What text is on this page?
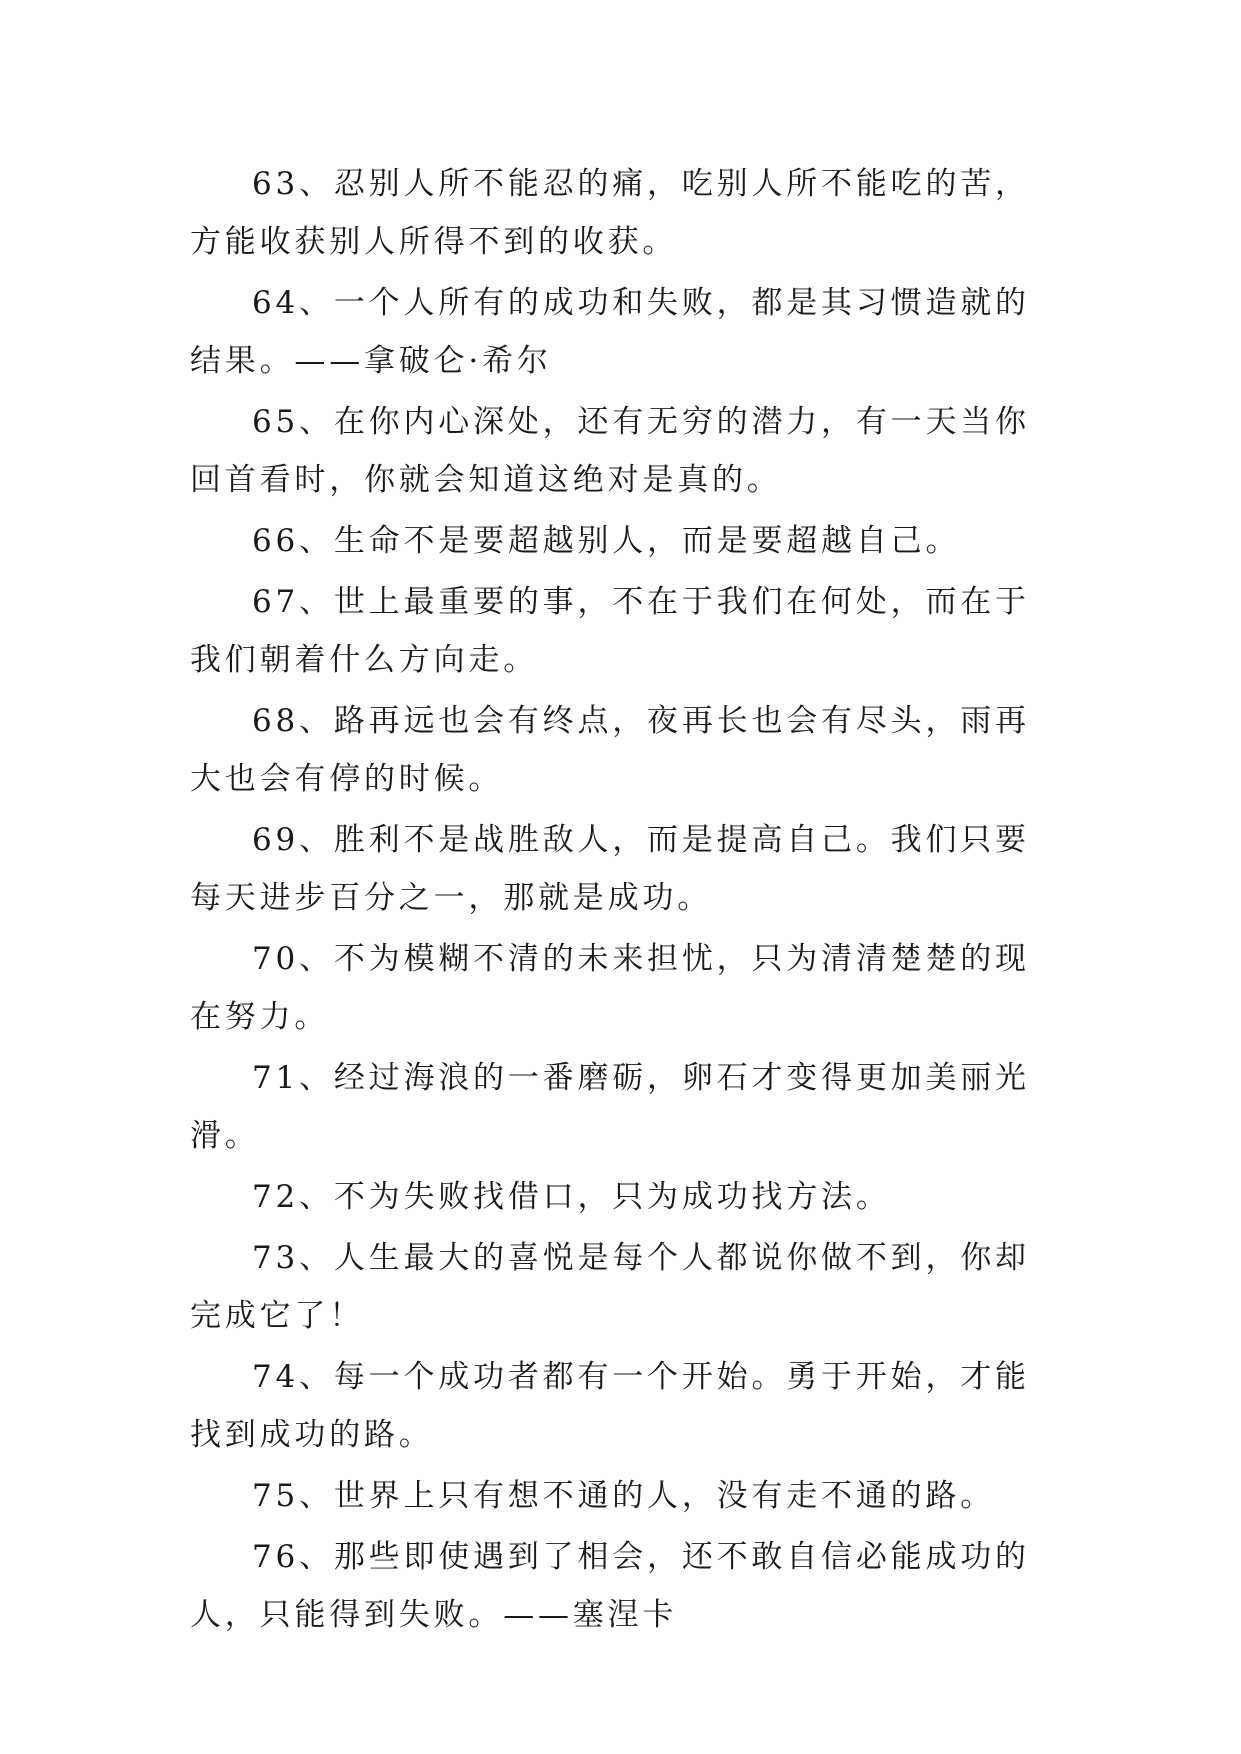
63、忍别人所不能忍的痛，吃别人所不能吃的苦，方能收获别人所得不到的收获。

64、一个人所有的成功和失败，都是其习惯造就的结果。——拿破仑·希尔

65、在你内心深处，还有无穷的潜力，有一天当你回首看时，你就会知道这绝对是真的。

66、生命不是要超越别人，而是要超越自己。

67、世上最重要的事，不在于我们在何处，而在于我们朝着什么方向走。

68、路再远也会有终点，夜再长也会有尽头，雨再大也会有停的时候。

69、胜利不是战胜敌人，而是提高自己。我们只要每天进步百分之一，那就是成功。

70、不为模糊不清的未来担忧，只为清清楚楚的现在努力。

71、经过海浪的一番磨砺，卵石才变得更加美丽光滑。

72、不为失败找借口，只为成功找方法。

73、人生最大的喜悦是每个人都说你做不到，你却完成它了！

74、每一个成功者都有一个开始。勇于开始，才能找到成功的路。

75、世界上只有想不通的人，没有走不通的路。

76、那些即使遇到了相会，还不敢自信必能成功的人，只能得到失败。——塞涅卡
